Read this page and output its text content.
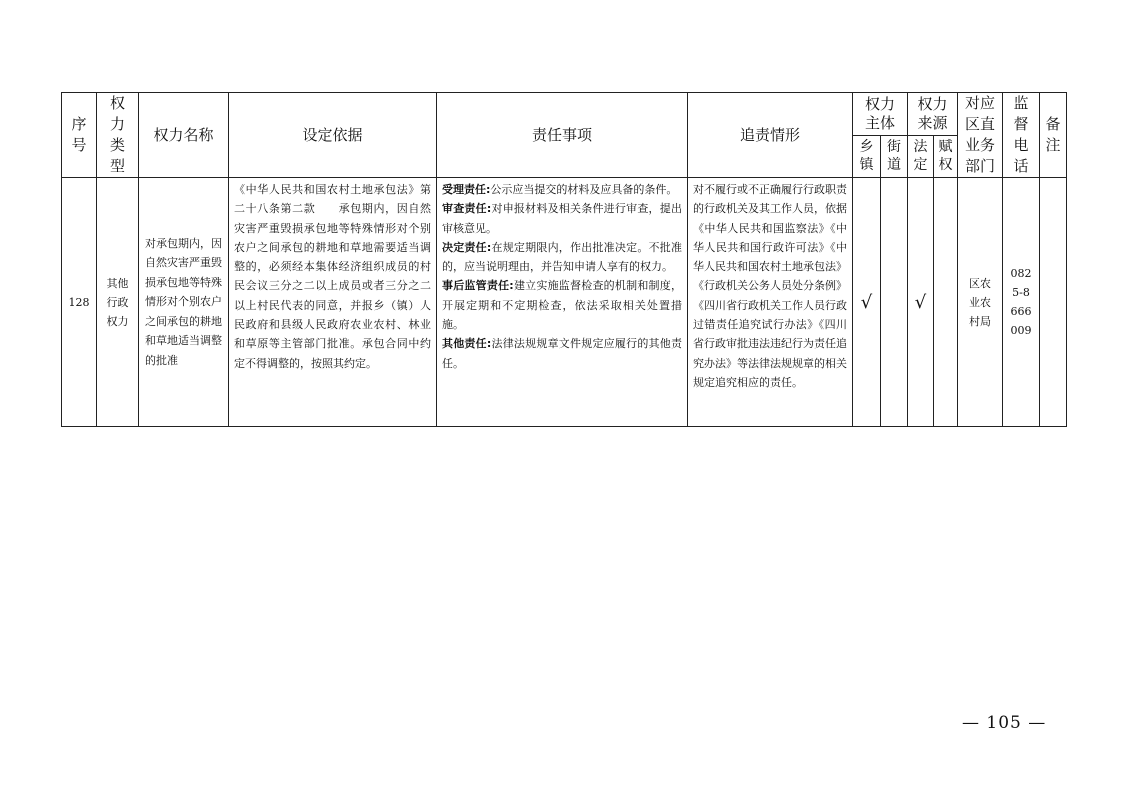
序号	权力类型	权力名称	设定依据	责任事项	追责情形	权力主体		权力来源		对应区直业务部门	监督电话	备注

						乡镇	街道	法定	赋权			

128	其他行政权力	对承包期内，因自然灾害严重毁损承包地等特殊情形对个别农户之间承包的耕地和草地适当调整的批准	《中华人民共和国农村土地承包法》第二十八条第二款　　承包期内，因自然灾害严重毁损承包地等特殊情形对个别农户之间承包的耕地和草地需要适当调整的，必须经本集体经济组织成员的村民会议三分之二以上成员或者三分之二以上村民代表的同意，并报乡（镇）人民政府和县级人民政府农业农村、林业和草原等主管部门批准。承包合同中约定不得调整的，按照其约定。	受理责任:公示应当提交的材料及应具备的条件。
审查责任:对申报材料及相关条件进行审查，提出审核意见。
决定责任:在规定期限内，作出批准决定。不批准的，应当说明理由，并告知申请人享有的权力。
事后监管责任:建立实施监督检查的机制和制度，开展定期和不定期检查，依法采取相关处置措施。
其他责任:法律法规规章文件规定应履行的其他责任。	对不履行或不正确履行行政职责的行政机关及其工作人员，依据《中华人民共和国监察法》《中华人民共和国行政许可法》《中华人民共和国农村土地承包法》《行政机关公务人员处分条例》《四川省行政机关工作人员行政过错责任追究试行办法》《四川省行政审批违法违纪行为责任追究办法》等法律法规规章的相关规定追究相应的责任。	√		√		区农业农村局	0825-8666009	

— 105 —
